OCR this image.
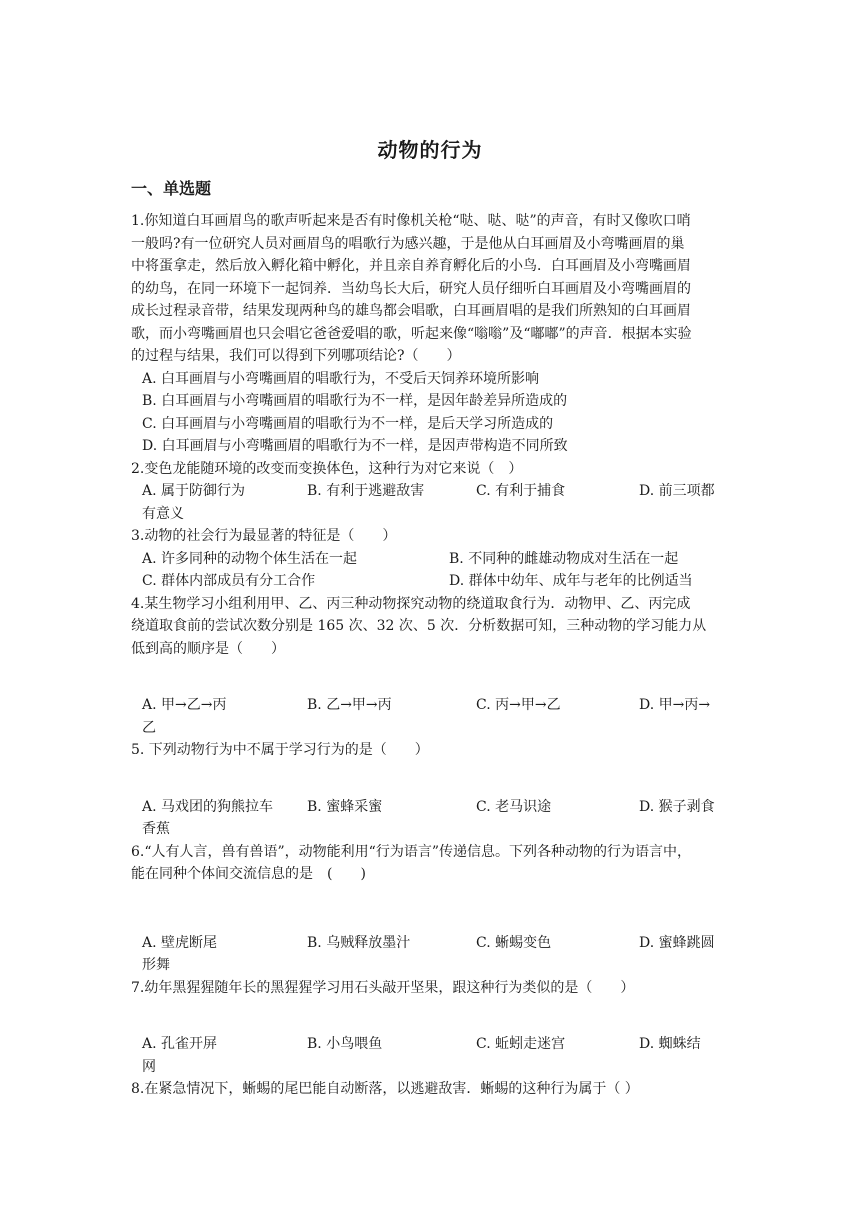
动物的行为
一、单选题

1.你知道白耳画眉鸟的歌声听起来是否有时像机关枪“哒、哒、哒”的声音，有时又像吹口哨

一般吗?有一位研究人员对画眉鸟的唱歌行为感兴趣，于是他从白耳画眉及小弯嘴画眉的巢

中将蛋拿走，然后放入孵化箱中孵化，并且亲自养育孵化后的小鸟．白耳画眉及小弯嘴画眉

的幼鸟，在同一环境下一起饲养．当幼鸟长大后，研究人员仔细听白耳画眉及小弯嘴画眉的

成长过程录音带，结果发现两种鸟的雄鸟都会唱歌，白耳画眉唱的是我们所熟知的白耳画眉

歌，而小弯嘴画眉也只会唱它爸爸爱唱的歌，听起来像“嗡嗡”及“嘟嘟”的声音．根据本实验

的过程与结果，我们可以得到下列哪项结论?（　　）

A. 白耳画眉与小弯嘴画眉的唱歌行为，不受后天饲养环境所影响

B. 白耳画眉与小弯嘴画眉的唱歌行为不一样，是因年龄差异所造成的

C. 白耳画眉与小弯嘴画眉的唱歌行为不一样，是后天学习所造成的

D. 白耳画眉与小弯嘴画眉的唱歌行为不一样，是因声带构造不同所致

2.变色龙能随环境的改变而变换体色，这种行为对它来说（　）

A. 属于防御行为	B. 有利于逃避敌害	C. 有利于捕食	D. 前三项都
有意义

3.动物的社会行为最显著的特征是（　　）

A. 许多同种的动物个体生活在一起	B. 不同种的雌雄动物成对生活在一起
C. 群体内部成员有分工合作	D. 群体中幼年、成年与老年的比例适当

4.某生物学习小组利用甲、乙、丙三种动物探究动物的绕道取食行为．动物甲、乙、丙完成

绕道取食前的尝试次数分别是 165 次、32 次、5 次．分析数据可知，三种动物的学习能力从

低到高的顺序是（　　）

A. 甲→乙→丙	B. 乙→甲→丙	C. 丙→甲→乙	D. 甲→丙→
乙

5. 下列动物行为中不属于学习行为的是（　　）

A. 马戏团的狗熊拉车 B. 蜜蜂采蜜	C. 老马识途	D. 猴子剥食
香蕉

6.“人有人言，兽有兽语”，动物能利用“行为语言”传递信息。下列各种动物的行为语言中，

能在同种个体间交流信息的是　(　　)

A. 壁虎断尾	B. 乌贼释放墨汁	C. 蜥蜴变色	D. 蜜蜂跳圆
形舞

7.幼年黑猩猩随年长的黑猩猩学习用石头敲开坚果，跟这种行为类似的是（　　）

A. 孔雀开屏	B. 小鸟喂鱼	C. 蚯蚓走迷宫	D. 蜘蛛结
网

8.在紧急情况下，蜥蜴的尾巴能自动断落，以逃避敌害．蜥蜴的这种行为属于（ ）
